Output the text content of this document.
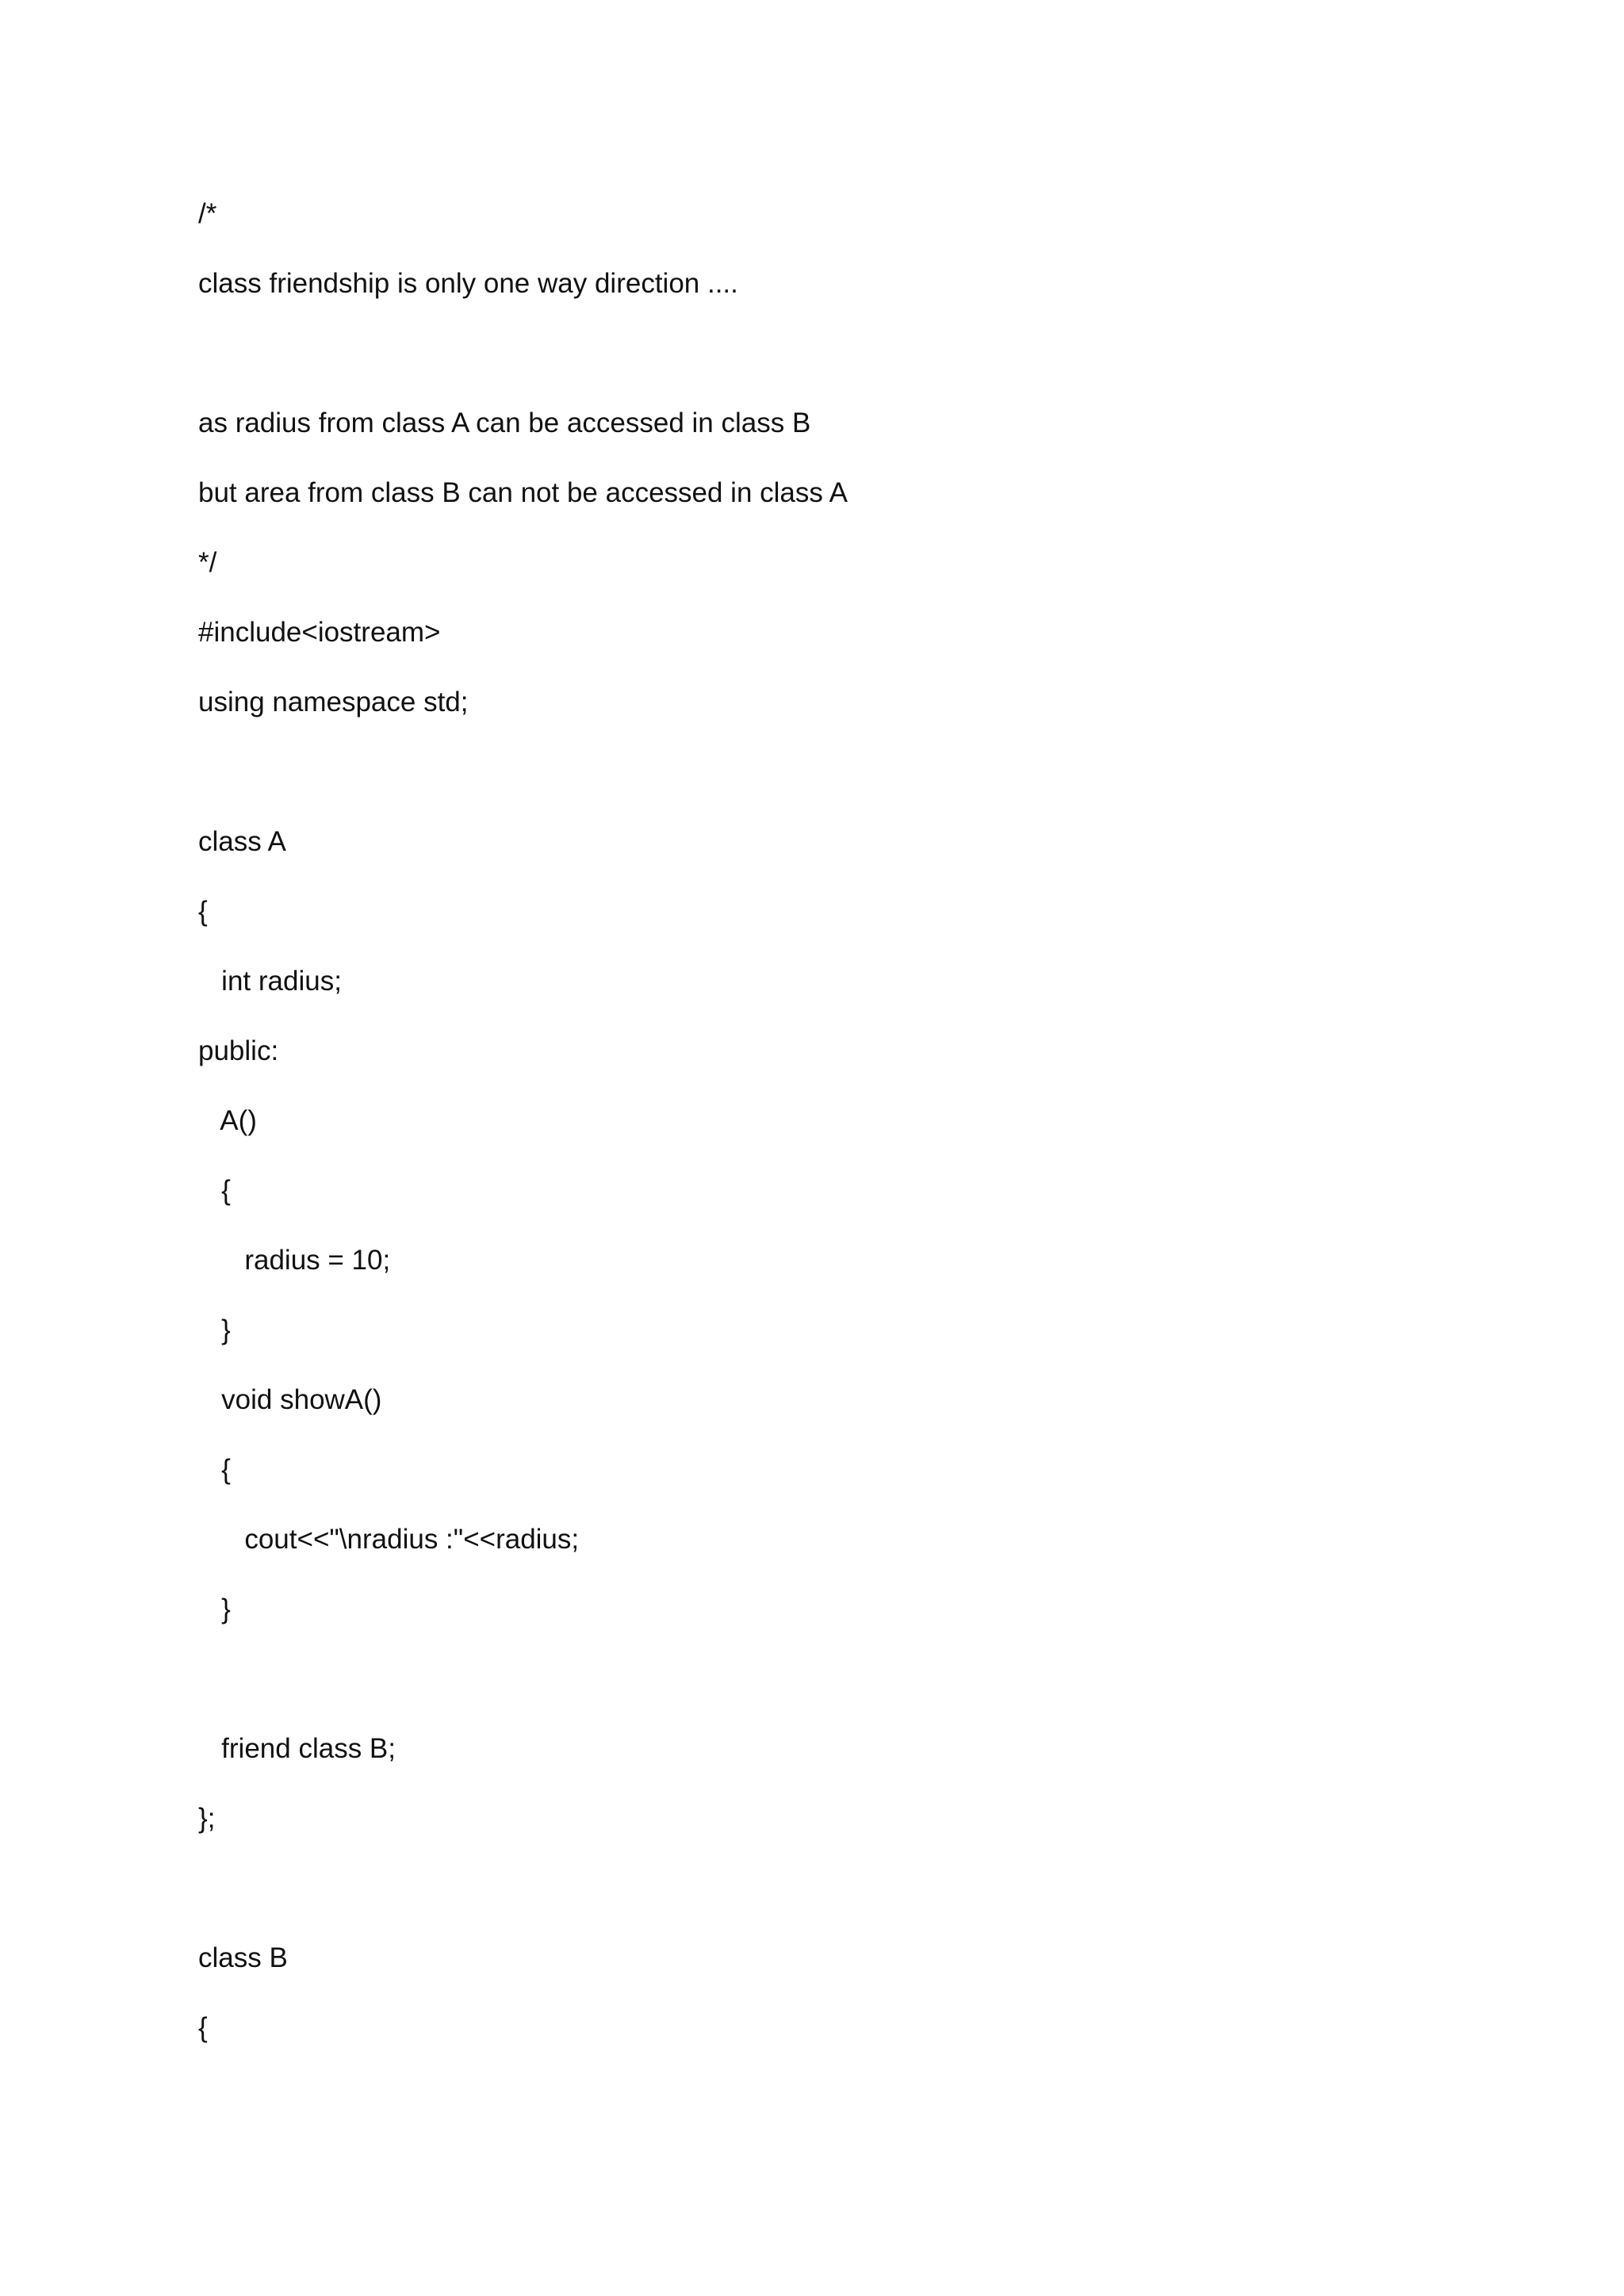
/*
class friendship is only one way direction ....
as radius from class A can be accessed in class B
but area from class B can not be accessed in class A
*/
#include<iostream>
using namespace std;
class A
{
int radius;
public:
A()
{
radius = 10;
}
void showA()
{
cout<<"\nradius :"<<radius;
}
friend class B;
};
class B
{
